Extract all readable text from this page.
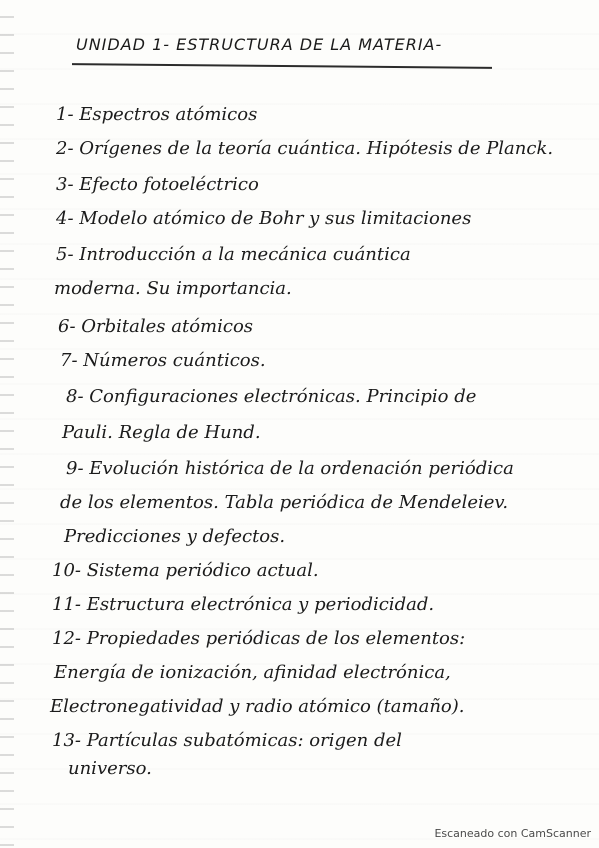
UNIDAD 1- ESTRUCTURA DE LA MATERIA-
1- Espectros atómicos
2- Orígenes de la teoría cuántica. Hipótesis de Planck.
3- Efecto fotoeléctrico
4- Modelo atómico de Bohr y sus limitaciones
5- Introducción a la mecánica cuántica
moderna. Su importancia.
6- Orbitales atómicos
7- Números cuánticos.
8- Configuraciones electrónicas. Principio de
Pauli. Regla de Hund.
9- Evolución histórica de la ordenación periódica
de los elementos. Tabla periódica de Mendeleiev.
Predicciones y defectos.
10- Sistema periódico actual.
11- Estructura electrónica y periodicidad.
12- Propiedades periódicas de los elementos:
Energía de ionización, afinidad electrónica,
Electronegatividad y radio atómico (tamaño).
13- Partículas subatómicas: origen del
universo.
Escaneado con CamScanner
